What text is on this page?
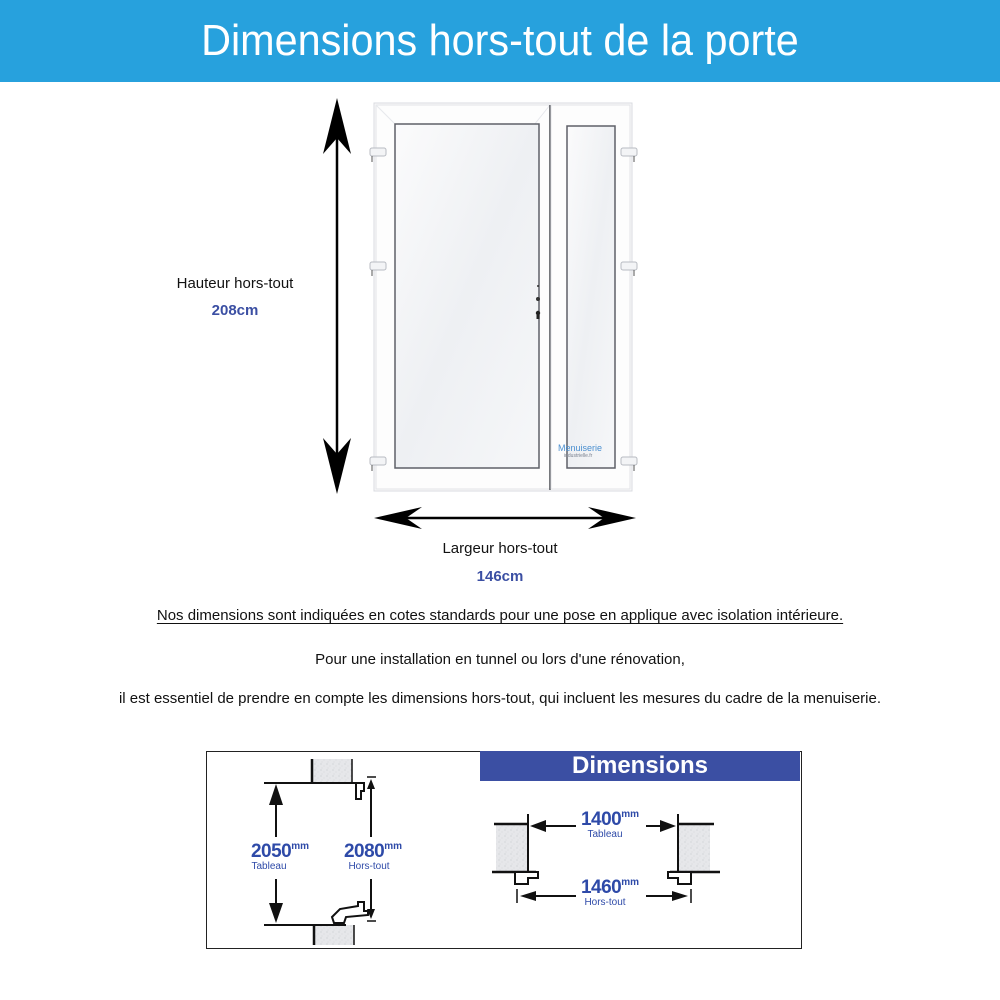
Dimensions hors-tout de la porte
Hauteur hors-tout
208cm
Menuiserie
industrielle.fr
Largeur hors-tout
146cm
Nos dimensions sont indiquées en cotes standards pour une pose en applique avec isolation intérieure.
Pour une installation en tunnel ou lors d'une rénovation,
il est essentiel de prendre en compte les dimensions hors-tout, qui incluent les mesures du cadre de la menuiserie.
Dimensions
$2050^{mm}$
Tableau
$2080^{mm}$
Hors-tout
$1400^{mm}$
Tableau
$1460^{mm}$
Hors-tout
